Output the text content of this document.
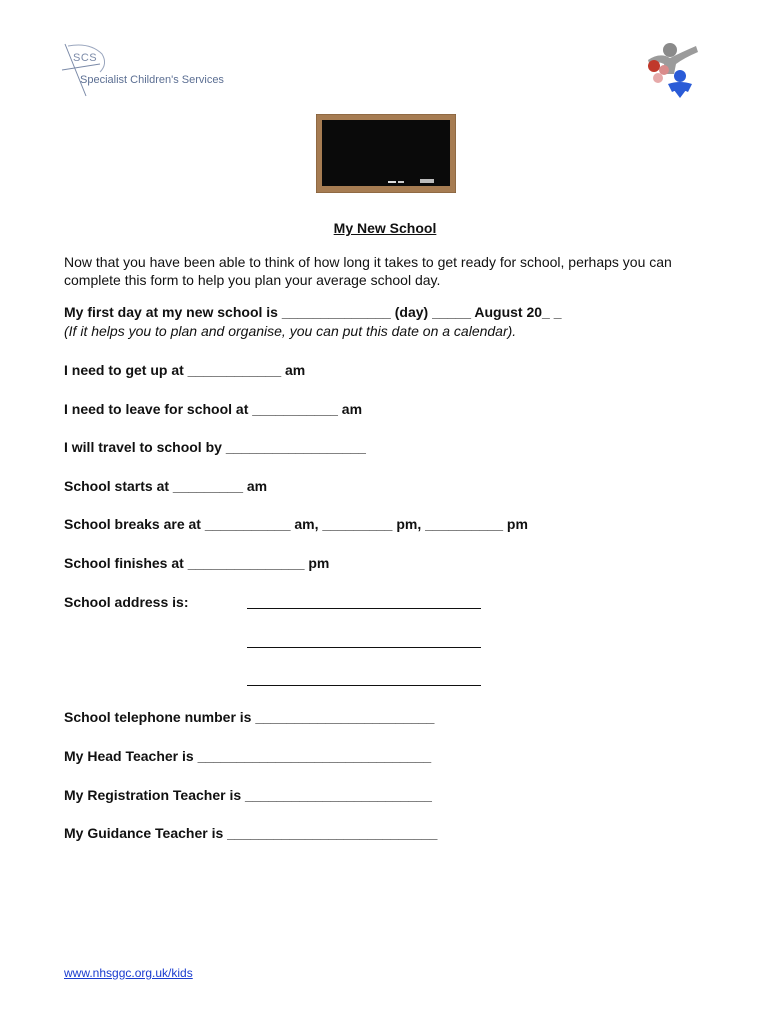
SCS
Specialist Children's Services
My New School
Now that you have been able to think of how long it takes to get ready for school, perhaps you can complete this form to help you plan your average school day.
My first day at my new school is ______________ (day) _____ August 20_ _
(If it helps you to plan and organise, you can put this date on a calendar).
I need to get up at ____________ am
I need to leave for school at ___________ am
I will travel to school by __________________
School starts at _________ am
School breaks are at ___________ am, _________ pm, __________ pm
School finishes at _______________ pm
School address is:
School telephone number is _______________________
My Head Teacher is ______________________________
My Registration Teacher is ________________________
My Guidance Teacher is ___________________________
www.nhsggc.org.uk/kids
